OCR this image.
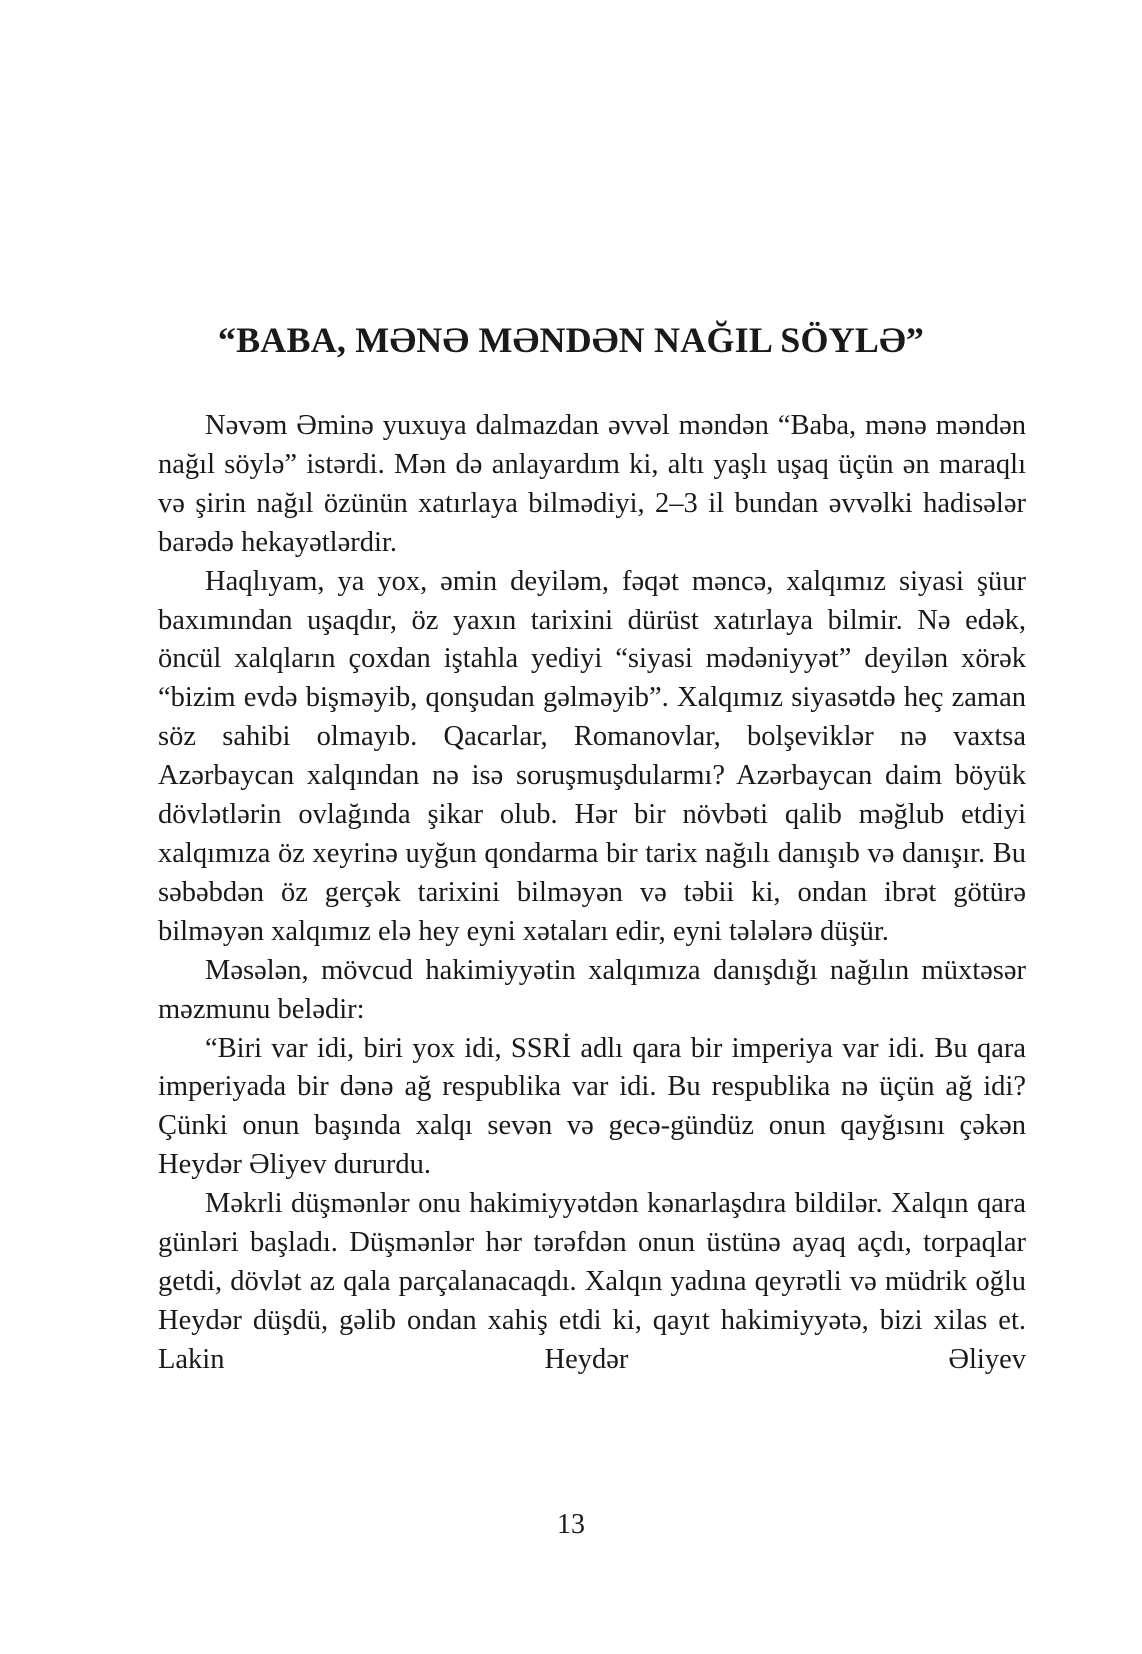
“BABA, MƏNƏ MƏNDƏN NAĞIL SÖYLƏ”

Nəvəm Əminə yuxuya dalmazdan əvvəl məndən “Baba, mənə məndən nağıl söylə” istərdi. Mən də anlayardım ki, altı yaşlı uşaq üçün ən maraqlı və şirin nağıl özünün xatırlaya bilmədiyi, 2–3 il bundan əvvəlki hadisələr barədə hekayətlərdir.

Haqlıyam, ya yox, əmin deyiləm, fəqət məncə, xalqımız siyasi şüur baxımından uşaqdır, öz yaxın tarixini dürüst xatırlaya bilmir. Nə edək, öncül xalqların çoxdan iştahla yediyi “siyasi mədəniyyət” deyilən xörək “bizim evdə bişməyib, qonşudan gəlməyib”. Xalqımız siyasətdə heç zaman söz sahibi olmayıb. Qacarlar, Romanovlar, bolşeviklər nə vaxtsa Azərbaycan xalqından nə isə soruşmuşdularmı? Azərbaycan daim böyük dövlətlərin ovlağında şikar olub. Hər bir növbəti qalib məğlub etdiyi xalqımıza öz xeyrinə uyğun qondarma bir tarix nağılı danışıb və danışır. Bu səbəbdən öz gerçək tarixini bilməyən və təbii ki, ondan ibrət götürə bilməyən xalqımız elə hey eyni xətaları edir, eyni tələlərə düşür.

Məsələn, mövcud hakimiyyətin xalqımıza danışdığı nağılın müxtəsər məzmunu belədir:

“Biri var idi, biri yox idi, SSRİ adlı qara bir imperiya var idi. Bu qara imperiyada bir dənə ağ respublika var idi. Bu respublika nə üçün ağ idi? Çünki onun başında xalqı sevən və gecə-gündüz onun qayğısını çəkən Heydər Əliyev dururdu.

Məkrli düşmənlər onu hakimiyyətdən kənarlaşdıra bildilər. Xalqın qara günləri başladı. Düşmənlər hər tərəfdən onun üstünə ayaq açdı, torpaqlar getdi, dövlət az qala parçalanacaqdı. Xalqın yadına qeyrətli və müdrik oğlu Heydər düşdü, gəlib ondan xahiş etdi ki, qayıt hakimiyyətə, bizi xilas et. Lakin Heydər Əliyev

13
